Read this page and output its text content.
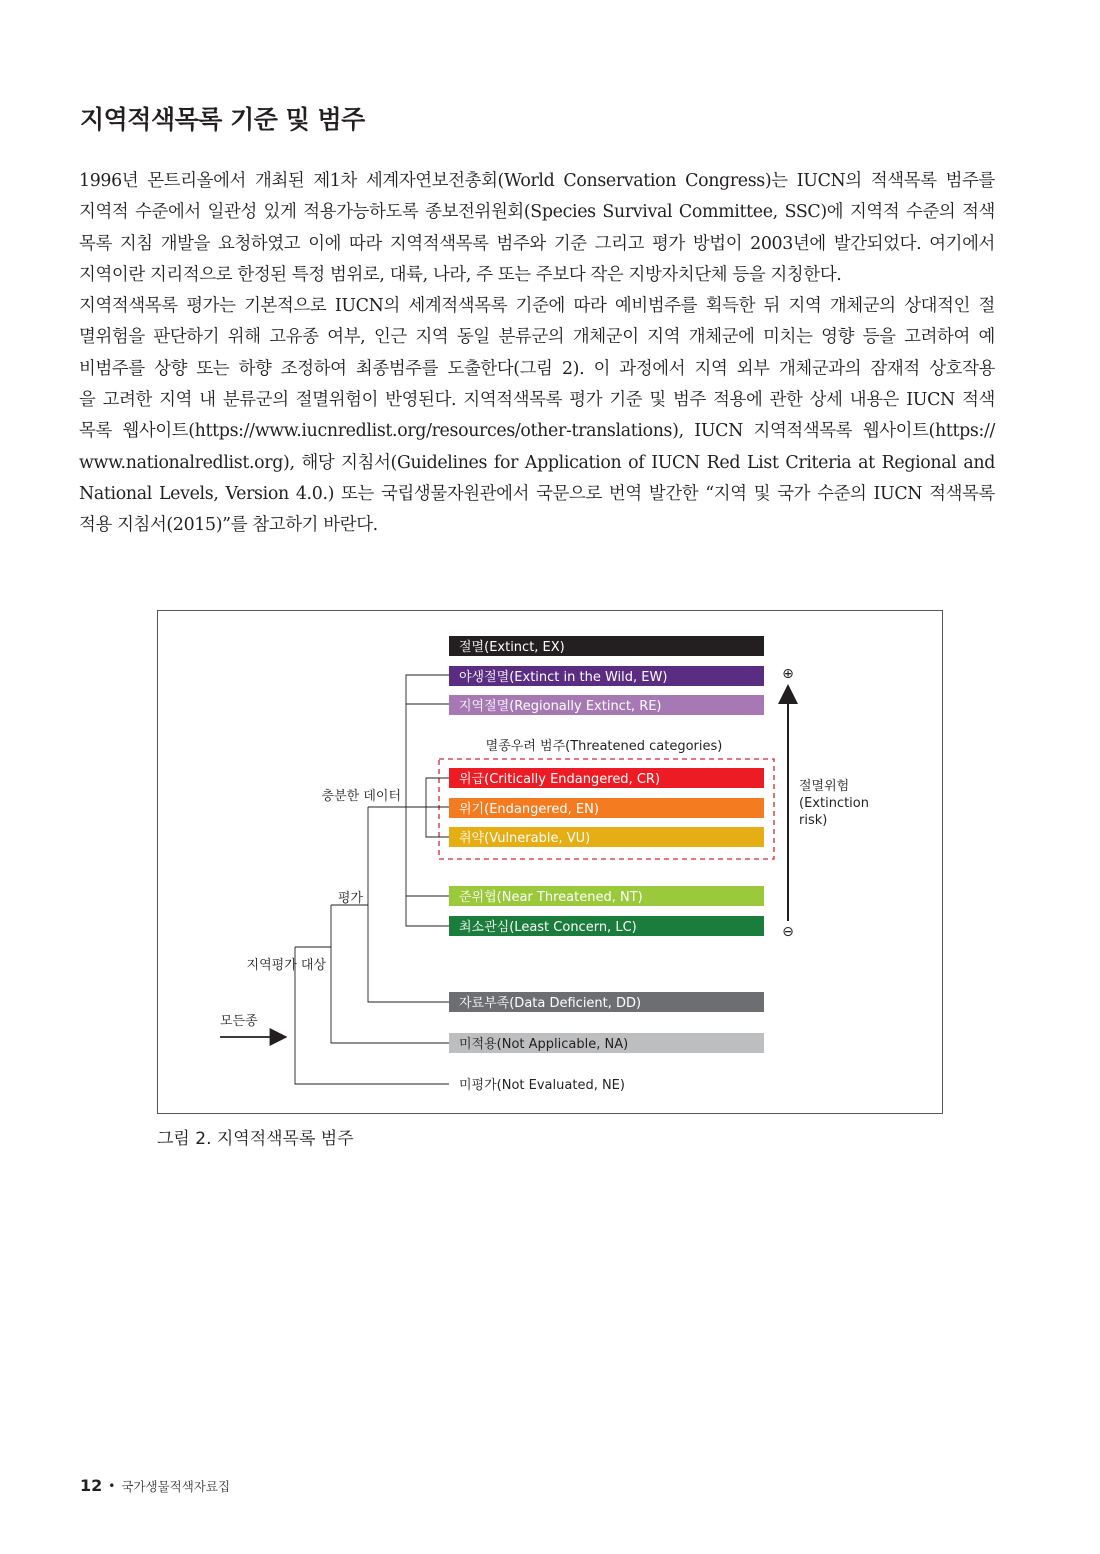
지역적색목록 기준 및 범주
1996년 몬트리올에서 개최된 제1차 세계자연보전총회(World Conservation Congress)는 IUCN의 적색목록 범주를
지역적 수준에서 일관성 있게 적용가능하도록 종보전위원회(Species Survival Committee, SSC)에 지역적 수준의 적색
목록 지침 개발을 요청하였고 이에 따라 지역적색목록 범주와 기준 그리고 평가 방법이 2003년에 발간되었다. 여기에서
지역이란 지리적으로 한정된 특정 범위로, 대륙, 나라, 주 또는 주보다 작은 지방자치단체 등을 지칭한다.
지역적색목록 평가는 기본적으로 IUCN의 세계적색목록 기준에 따라 예비범주를 획득한 뒤 지역 개체군의 상대적인 절
멸위험을 판단하기 위해 고유종 여부, 인근 지역 동일 분류군의 개체군이 지역 개체군에 미치는 영향 등을 고려하여 예
비범주를 상향 또는 하향 조정하여 최종범주를 도출한다(그림 2). 이 과정에서 지역 외부 개체군과의 잠재적 상호작용
을 고려한 지역 내 분류군의 절멸위험이 반영된다. 지역적색목록 평가 기준 및 범주 적용에 관한 상세 내용은 IUCN 적색
목록 웹사이트(https://www.iucnredlist.org/resources/other-translations), IUCN 지역적색목록 웹사이트(https://
www.nationalredlist.org), 해당 지침서(Guidelines for Application of IUCN Red List Criteria at Regional and
National Levels, Version 4.0.) 또는 국립생물자원관에서 국문으로 번역 발간한 “지역 및 국가 수준의 IUCN 적색목록
적용 지침서(2015)”를 참고하기 바란다.
절멸(Extinct, EX)
야생절멸(Extinct in the Wild, EW)
지역절멸(Regionally Extinct, RE)
위급(Critically Endangered, CR)
위기(Endangered, EN)
취약(Vulnerable, VU)
준위협(Near Threatened, NT)
최소관심(Least Concern, LC)
자료부족(Data Deficient, DD)
미적용(Not Applicable, NA)
미평가(Not Evaluated, NE)
멸종우려 범주(Threatened categories)
충분한 데이터
평가
지역평가 대상
모든종
⊕
⊖
절멸위험
(Extinction
risk)
그림 2. 지역적색목록 범주
12 • 국가생물적색자료집
